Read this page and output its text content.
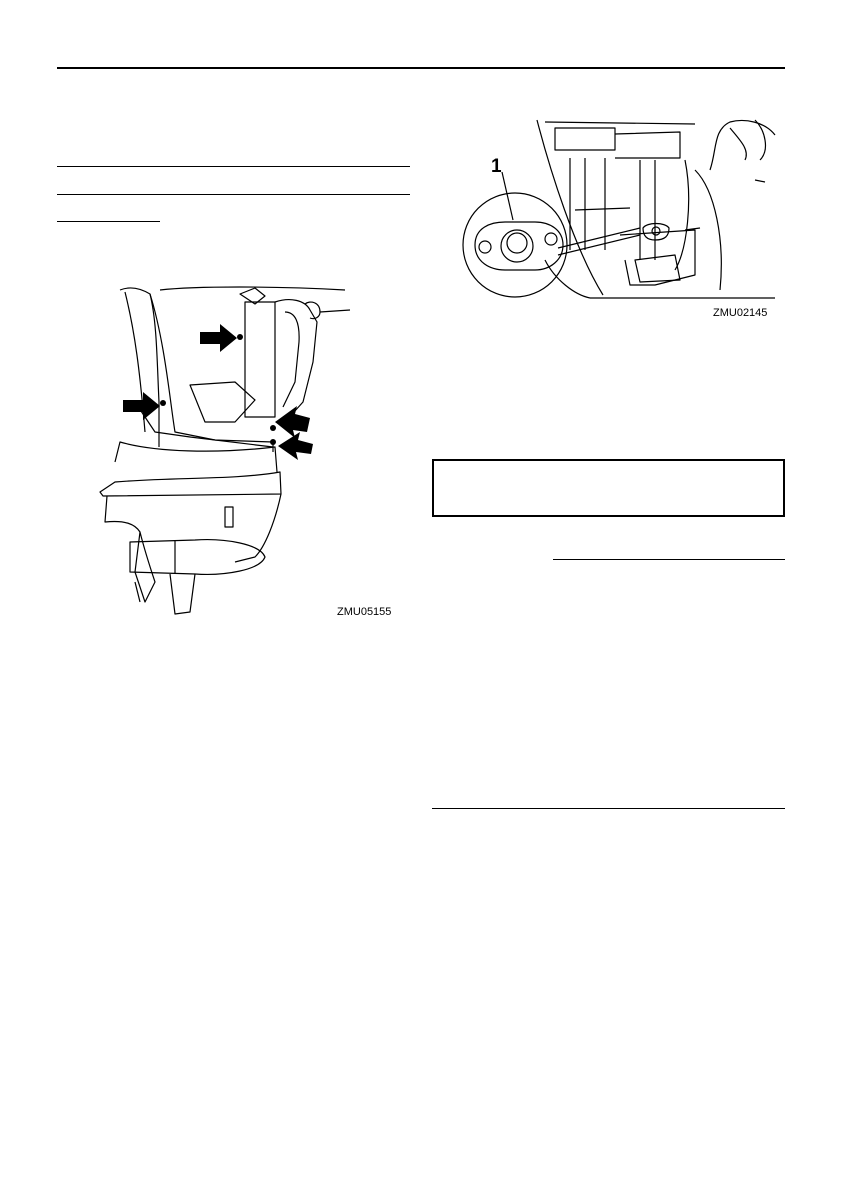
ZMU05155
1
ZMU02145
